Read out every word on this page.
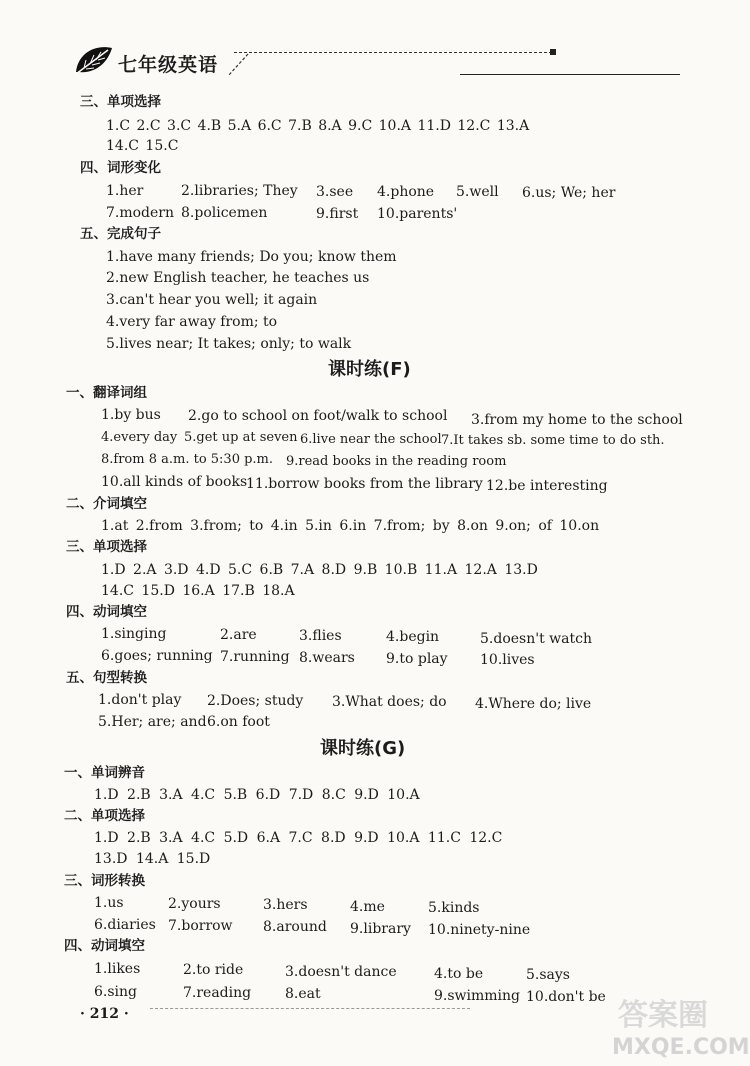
七年级英语
三、单项选择
1.C 2.C 3.C 4.B 5.A 6.C 7.B 8.A 9.C 10.A 11.D 12.C 13.A
14.C 15.C
四、词形变化
1.her	2.libraries; They 3.see 4.phone 5.well 6.us; We; her
7.modern 8.policemen	9.first 10.parents'
五、完成句子
1.have many friends; Do you; know them
2.new English teacher, he teaches us
3.can't hear you well; it again
4.very far away from; to
5.lives near; It takes; only; to walk
课时练(F)
一、翻译词组
1.by bus 2.go to school on foot/walk to school 3.from my home to the school
4.every day 5.get up at seven 6.live near the school 7.It takes sb. some time to do sth.
8.from 8 a.m. to 5:30 p.m. 9.read books in the reading room
10.all kinds of books
11.borrow books from the library 12.be interesting
二、介词填空
1.at 2.from 3.from; to 4.in 5.in 6.in 7.from; by 8.on 9.on; of 10.on
三、单项选择
1.D 2.A 3.D 4.D 5.C 6.B 7.A 8.D 9.B 10.B 11.A 12.A 13.D
14.C 15.D 16.A 17.B 18.A
四、动词填空
1.singing	2.are	3.flies	4.begin	5.doesn't watch
6.goes; running 7.running 8.wears 9.to play 10.lives
五、句型转换
1.don't play 2.Does; study 3.What does; do 4.Where do; live
5.Her; are; and 6.on foot
课时练(G)
一、单词辨音
1.D 2.B 3.A 4.C 5.B 6.D 7.D 8.C 9.D 10.A
二、单项选择
1.D 2.B 3.A 4.C 5.D 6.A 7.C 8.D 9.D 10.A 11.C 12.C
13.D 14.A 15.D
三、词形转换
1.us	2.yours	3.hers	4.me	5.kinds
6.diaries 7.borrow 8.around 9.library 10.ninety-nine
四、动词填空
1.likes	2.to ride	3.doesn't dance	4.to be	5.says
6.sing	7.reading 8.eat	9.swimming 10.don't be
· 212 ·	答案圈
MXQE.COM
